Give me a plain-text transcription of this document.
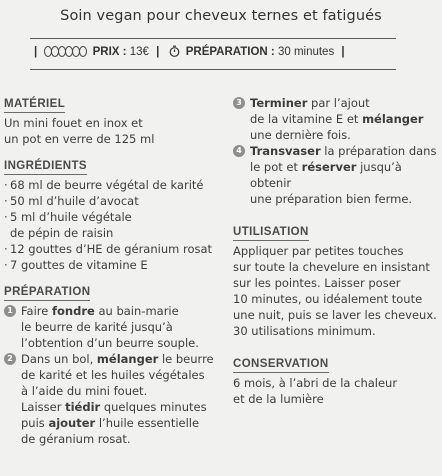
Soin vegan pour cheveux ternes et fatigués
|	PRIX : 13€ | PRÉPARATION : 30 minutes |
MATÉRIEL
Un mini fouet en inox et
un pot en verre de 125 ml
INGRÉDIENTS
· 68 ml de beurre végétal de karité
· 50 ml d’huile d’avocat
· 5 ml d’huile végétale
de pépin de raisin
· 12 gouttes d’HE de géranium rosat
· 7 gouttes de vitamine E
PRÉPARATION
1 Faire fondre au bain-marie
le beurre de karité jusqu’à
l’obtention d’un beurre souple.
2 Dans un bol, mélanger le beurre
de karité et les huiles végétales
à l’aide du mini fouet.
Laisser tiédir quelques minutes
puis ajouter l’huile essentielle
de géranium rosat.
3 Terminer par l’ajout
de la vitamine E et mélanger
une dernière fois.
4 Transvaser la préparation dans
le pot et réserver jusqu’à obtenir
une préparation bien ferme.
UTILISATION
Appliquer par petites touches
sur toute la chevelure en insistant
sur les pointes. Laisser poser
10 minutes, ou idéalement toute
une nuit, puis se laver les cheveux.
30 utilisations minimum.
CONSERVATION
6 mois, à l’abri de la chaleur
et de la lumière
